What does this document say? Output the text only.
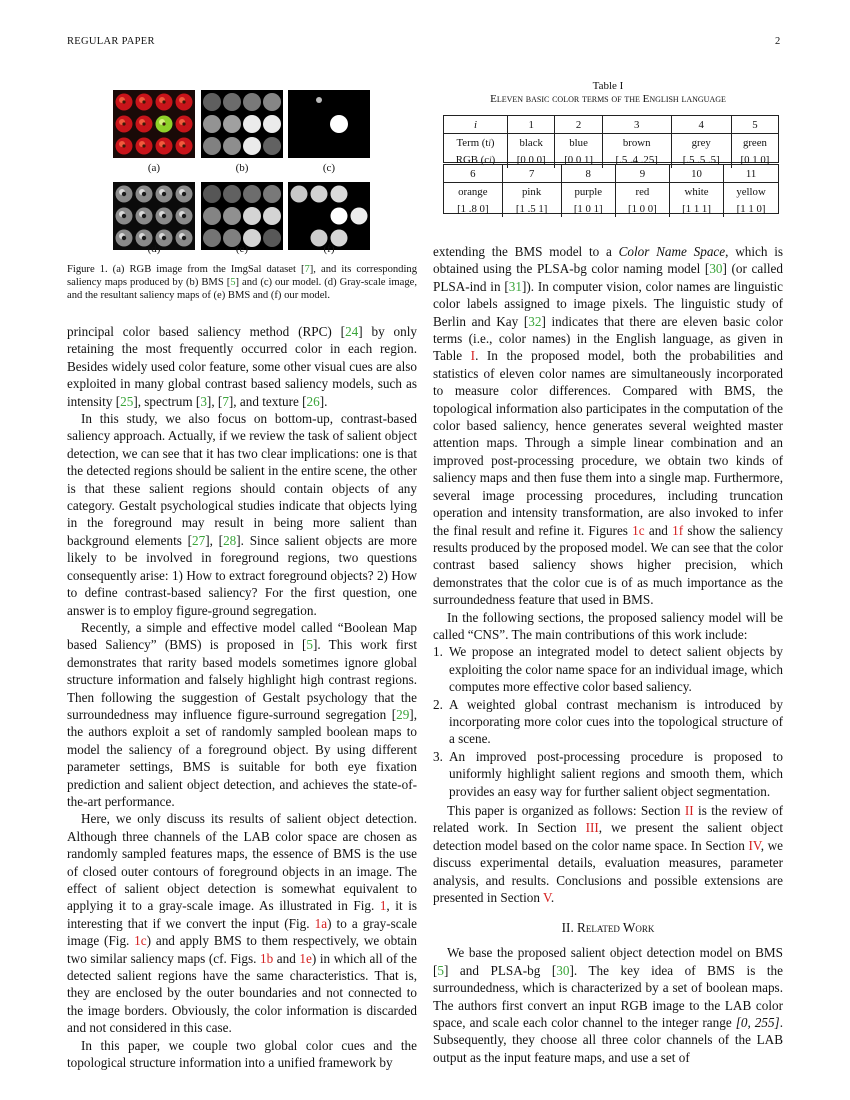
REGULAR PAPER	2
(a)	(b)	(c)
(d)	(e)	(f)
Figure 1. (a) RGB image from the ImgSal dataset [7], and its corresponding saliency maps produced by (b) BMS [5] and (c) our model. (d) Gray-scale image, and the resultant saliency maps of (e) BMS and (f) our model.
Table I
Eleven basic color terms of the English language
i	1	2	3	4	5
Term (ti)	black	blue	brown	grey	green
RGB (ci)	[0 0 0]	[0 0 1]	[.5 .4 .25]	[.5 .5 .5]	[0 1 0]
6	7	8	9	10	11
orange	pink	purple	red	white	yellow
[1 .8 0]	[1 .5 1]	[1 0 1]	[1 0 0]	[1 1 1]	[1 1 0]

principal color based saliency method (RPC) [24] by only retaining the most frequently occurred color in each region. Besides widely used color feature, some other visual cues are also exploited in many global contrast based saliency models, such as intensity [25], spectrum [3], [7], and texture [26].

In this study, we also focus on bottom-up, contrast-based saliency approach. Actually, if we review the task of salient object detection, we can see that it has two clear implications: one is that the detected regions should be salient in the entire scene, the other is that these salient regions should contain objects of any category. Gestalt psychological studies indicate that objects lying in the foreground may result in being more salient than background elements [27], [28]. Since salient objects are more likely to be involved in foreground regions, two questions consequently arise: 1) How to extract foreground objects? 2) How to define contrast-based saliency? For the first question, one answer is to employ figure-ground segregation.

Recently, a simple and effective model called “Boolean Map based Saliency” (BMS) is proposed in [5]. This work first demonstrates that rarity based models sometimes ignore global structure information and falsely highlight high contrast regions. Then following the suggestion of Gestalt psychology that the surroundedness may influence figure-surround segregation [29], the authors exploit a set of randomly sampled boolean maps to model the saliency of a foreground object. By using different parameter settings, BMS is suitable for both eye fixation prediction and salient object detection, and achieves the state-of-the-art performance.

Here, we only discuss its results of salient object detection. Although three channels of the LAB color space are chosen as randomly sampled features maps, the essence of BMS is the use of closed outer contours of foreground objects in an image. The effect of salient object detection is somewhat equivalent to applying it to a gray-scale image. As illustrated in Fig. 1, it is interesting that if we convert the input (Fig. 1a) to a gray-scale image (Fig. 1c) and apply BMS to them respectively, we obtain two similar saliency maps (cf. Figs. 1b and 1e) in which all of the detected salient regions have the same characteristics. That is, they are enclosed by the outer boundaries and not connected to the image borders. Obviously, the color information is discarded and not considered in this case.

In this paper, we couple two global color cues and the topological structure information into a unified framework by

extending the BMS model to a Color Name Space, which is obtained using the PLSA-bg color naming model [30] (or called PLSA-ind in [31]). In computer vision, color names are linguistic color labels assigned to image pixels. The linguistic study of Berlin and Kay [32] indicates that there are eleven basic color terms (i.e., color names) in the English language, as given in Table I. In the proposed model, both the probabilities and statistics of eleven color names are simultaneously incorporated to measure color differences. Compared with BMS, the topological information also participates in the computation of the color based saliency, hence generates several weighted master attention maps. Through a simple linear combination and an improved post-processing procedure, we obtain two kinds of saliency maps and then fuse them into a single map. Furthermore, several image processing procedures, including truncation operation and intensity transformation, are also invoked to infer the final result and refine it. Figures 1c and 1f show the saliency results produced by the proposed model. We can see that the color contrast based saliency shows higher precision, which demonstrates that the color cue is of as much importance as the surroundedness feature that used in BMS.

In the following sections, the proposed saliency model will be called “CNS”. The main contributions of this work include:

1. We propose an integrated model to detect salient objects by exploiting the color name space for an individual image, which computes more effective color based saliency.
2. A weighted global contrast mechanism is introduced by incorporating more color cues into the topological structure of a scene.
3. An improved post-processing procedure is proposed to uniformly highlight salient regions and smooth them, which provides an easy way for further salient object segmentation.

This paper is organized as follows: Section II is the review of related work. In Section III, we present the salient object detection model based on the color name space. In Section IV, we discuss experimental details, evaluation measures, parameter analysis, and results. Conclusions and possible extensions are presented in Section V.

II. Related Work

We base the proposed salient object detection model on BMS [5] and PLSA-bg [30]. The key idea of BMS is the surroundedness, which is characterized by a set of boolean maps. The authors first convert an input RGB image to the LAB color space, and scale each color channel to the integer range [0, 255]. Subsequently, they choose all three color channels of the LAB output as the input feature maps, and use a set of
